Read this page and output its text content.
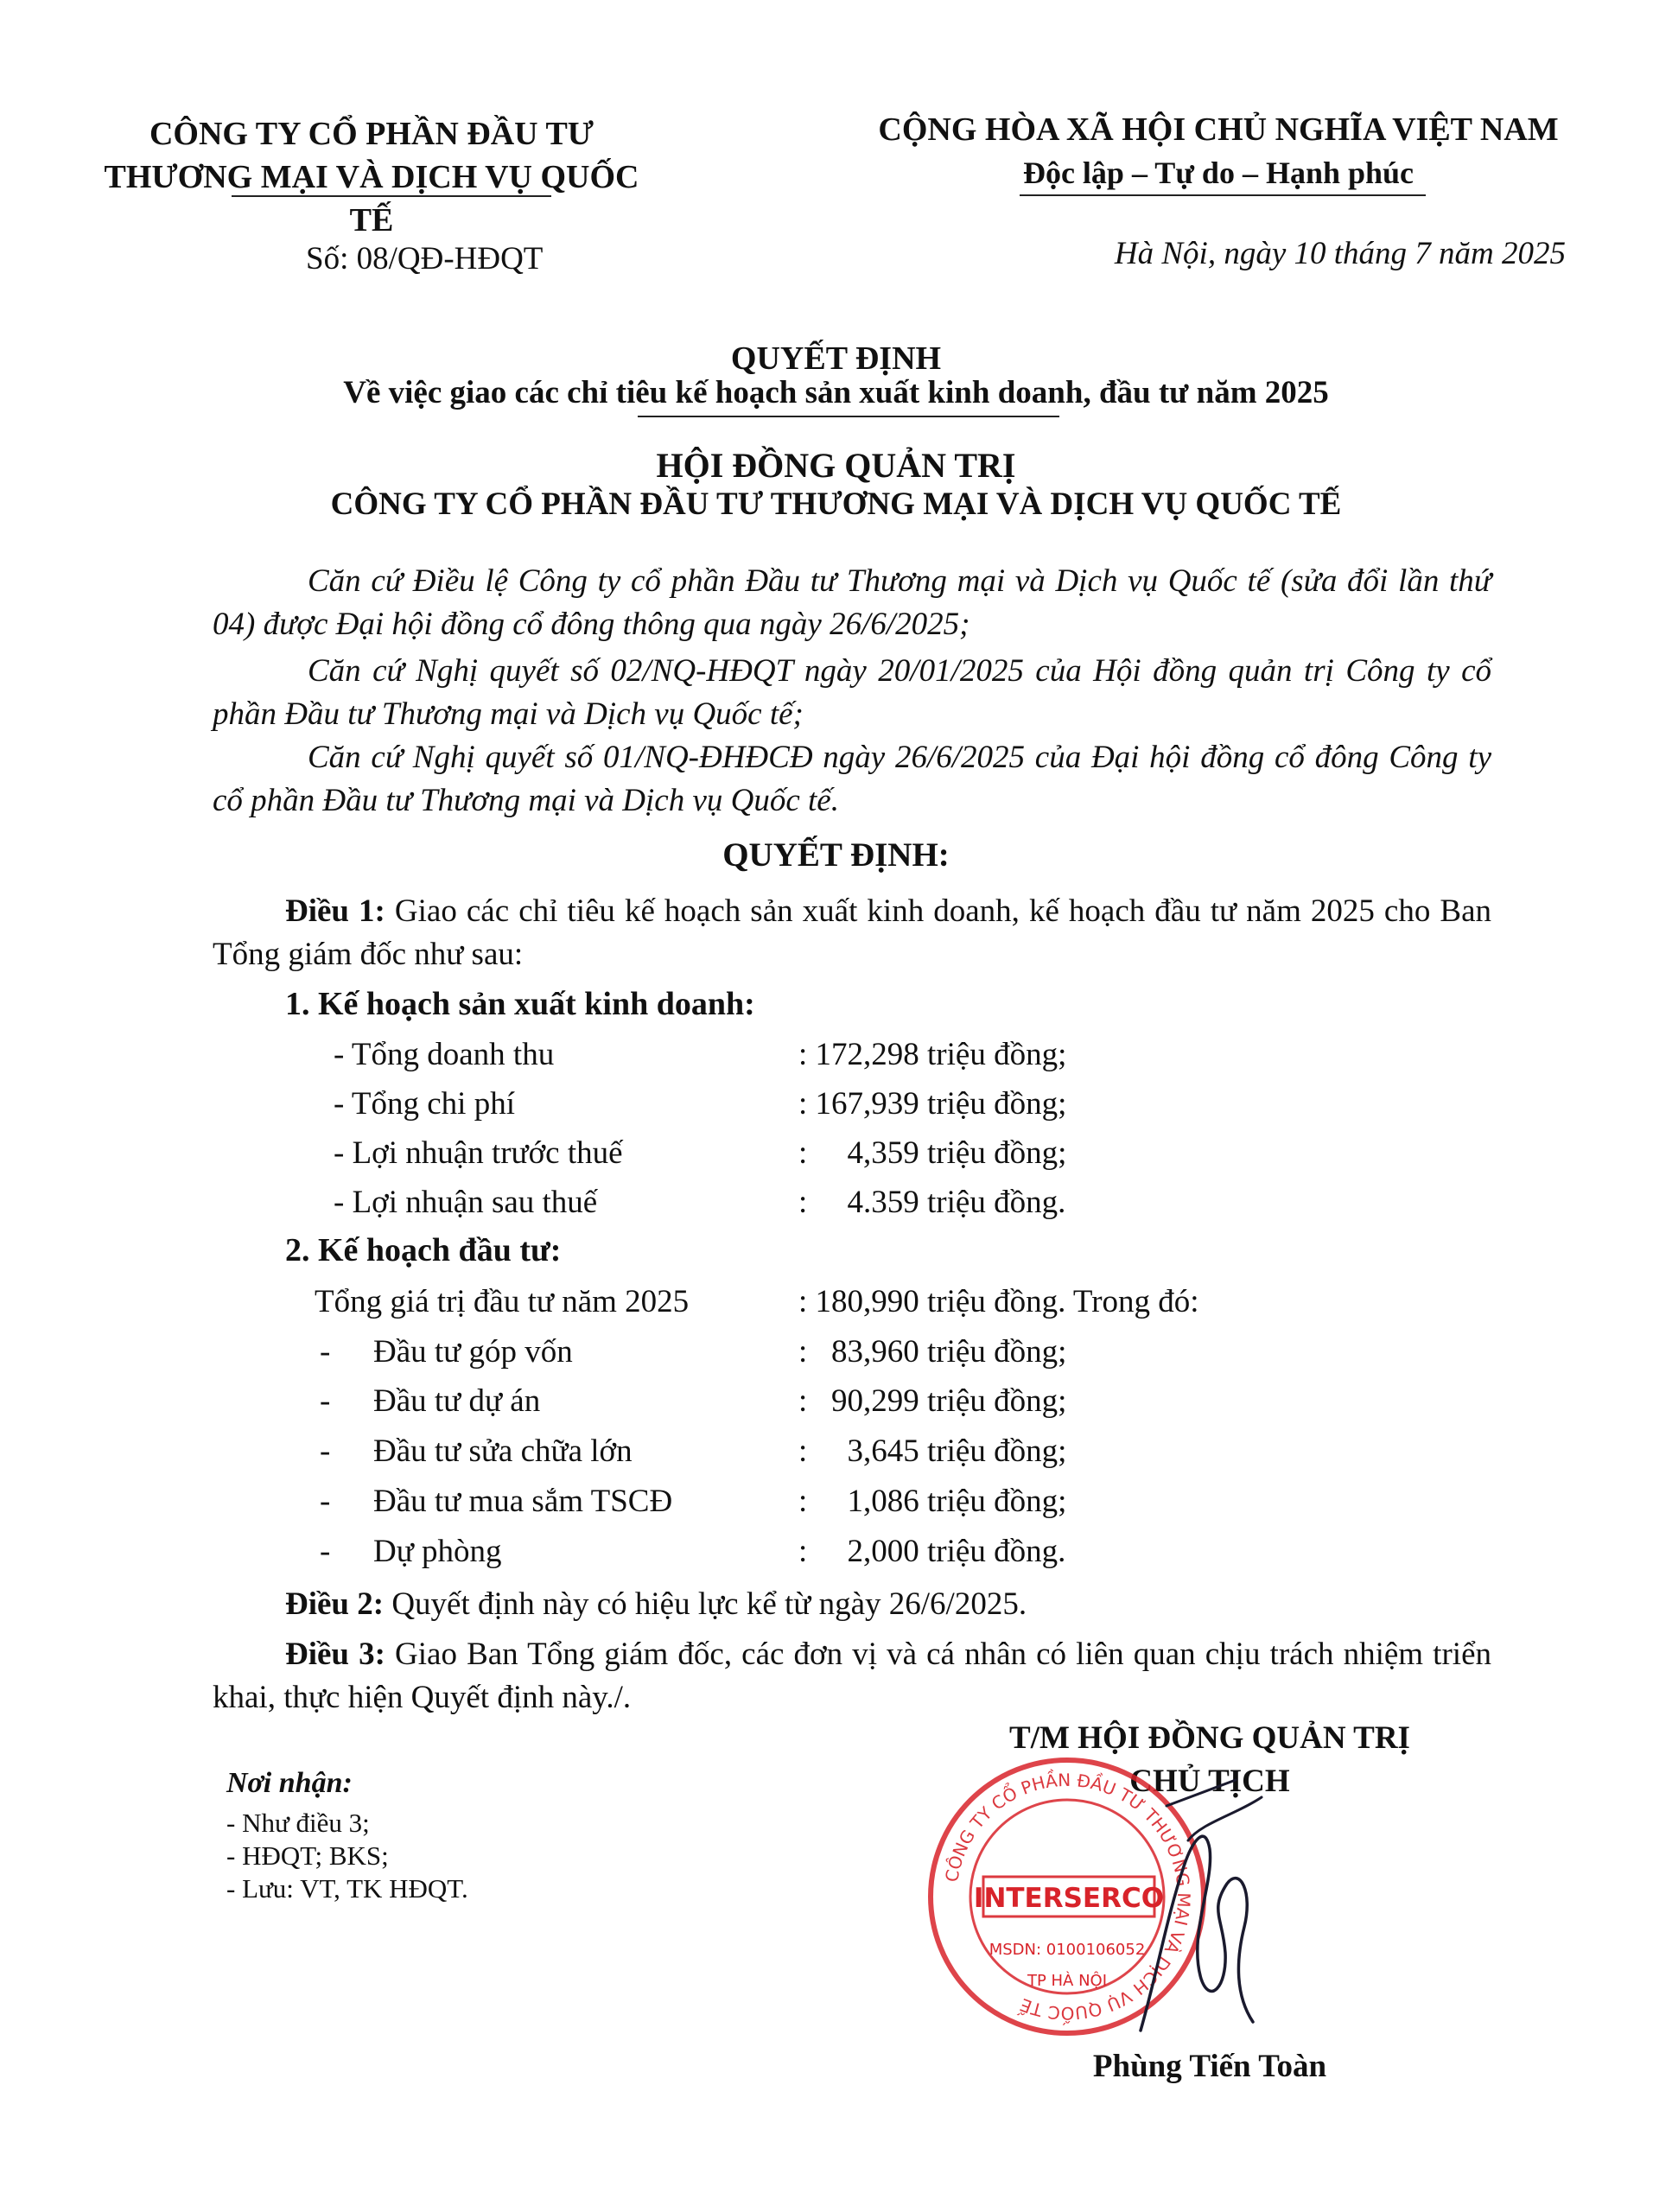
CÔNG TY CỔ PHẦN ĐẦU TƯ
THƯƠNG MẠI VÀ DỊCH VỤ QUỐC TẾ
CỘNG HÒA XÃ HỘI CHỦ NGHĨA VIỆT NAM
Độc lập – Tự do – Hạnh phúc
Số: 08/QĐ-HĐQT	Hà Nội, ngày 10 tháng 7 năm 2025
QUYẾT ĐỊNH
Về việc giao các chỉ tiêu kế hoạch sản xuất kinh doanh, đầu tư năm 2025
HỘI ĐỒNG QUẢN TRỊ
CÔNG TY CỔ PHẦN ĐẦU TƯ THƯƠNG MẠI VÀ DỊCH VỤ QUỐC TẾ
Căn cứ Điều lệ Công ty cổ phần Đầu tư Thương mại và Dịch vụ Quốc tế (sửa đổi lần thứ 04) được Đại hội đồng cổ đông thông qua ngày 26/6/2025;
Căn cứ Nghị quyết số 02/NQ-HĐQT ngày 20/01/2025 của Hội đồng quản trị Công ty cổ phần Đầu tư Thương mại và Dịch vụ Quốc tế;
Căn cứ Nghị quyết số 01/NQ-ĐHĐCĐ ngày 26/6/2025 của Đại hội đồng cổ đông Công ty cổ phần Đầu tư Thương mại và Dịch vụ Quốc tế.
QUYẾT ĐỊNH:
Điều 1: Giao các chỉ tiêu kế hoạch sản xuất kinh doanh, kế hoạch đầu tư năm 2025 cho Ban Tổng giám đốc như sau:
1. Kế hoạch sản xuất kinh doanh:
- Tổng doanh thu	: 172,298 triệu đồng;
- Tổng chi phí	: 167,939 triệu đồng;
- Lợi nhuận trước thuế	:     4,359 triệu đồng;
- Lợi nhuận sau thuế	:     4.359 triệu đồng.
2. Kế hoạch đầu tư:
Tổng giá trị đầu tư năm 2025	: 180,990 triệu đồng. Trong đó:
- Đầu tư góp vốn	:   83,960 triệu đồng;
- Đầu tư dự án	:   90,299 triệu đồng;
- Đầu tư sửa chữa lớn	:     3,645 triệu đồng;
- Đầu tư mua sắm TSCĐ	:     1,086 triệu đồng;
- Dự phòng	:     2,000 triệu đồng.
Điều 2: Quyết định này có hiệu lực kể từ ngày 26/6/2025.
Điều 3: Giao Ban Tổng giám đốc, các đơn vị và cá nhân có liên quan chịu trách nhiệm triển khai, thực hiện Quyết định này./.
Nơi nhận:
- Như điều 3;
- HĐQT; BKS;
- Lưu: VT, TK HĐQT.
T/M HỘI ĐỒNG QUẢN TRỊ
CHỦ TỊCH
CÔNG TY CỔ PHẦN ĐẦU TƯ THƯƠNG MẠI VÀ DỊCH VỤ QUỐC TẾ
INTERSERCO
MSDN: 0100106052
TP HÀ NỘI
Phùng Tiến Toàn
